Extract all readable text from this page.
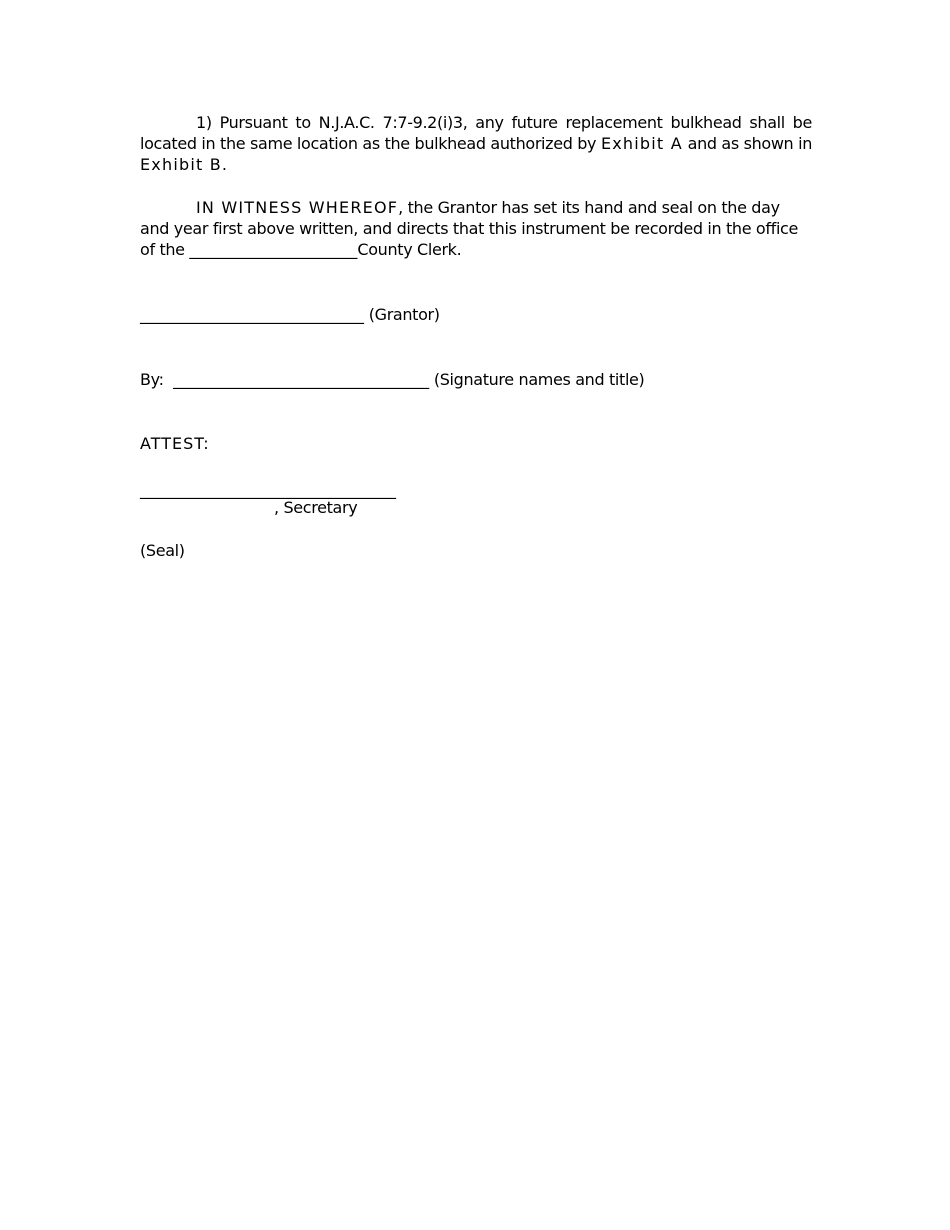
1) Pursuant to N.J.A.C. 7:7-9.2(i)3, any future replacement bulkhead shall be located in the same location as the bulkhead authorized by Exhibit A and as shown in Exhibit B.

IN WITNESS WHEREOF, the Grantor has set its hand and seal on the day and year first above written, and directs that this instrument be recorded in the office of the _____________________County Clerk.

____________________________ (Grantor)

By: ________________________________ (Signature names and title)

ATTEST:

________________________________

, Secretary

(Seal)
